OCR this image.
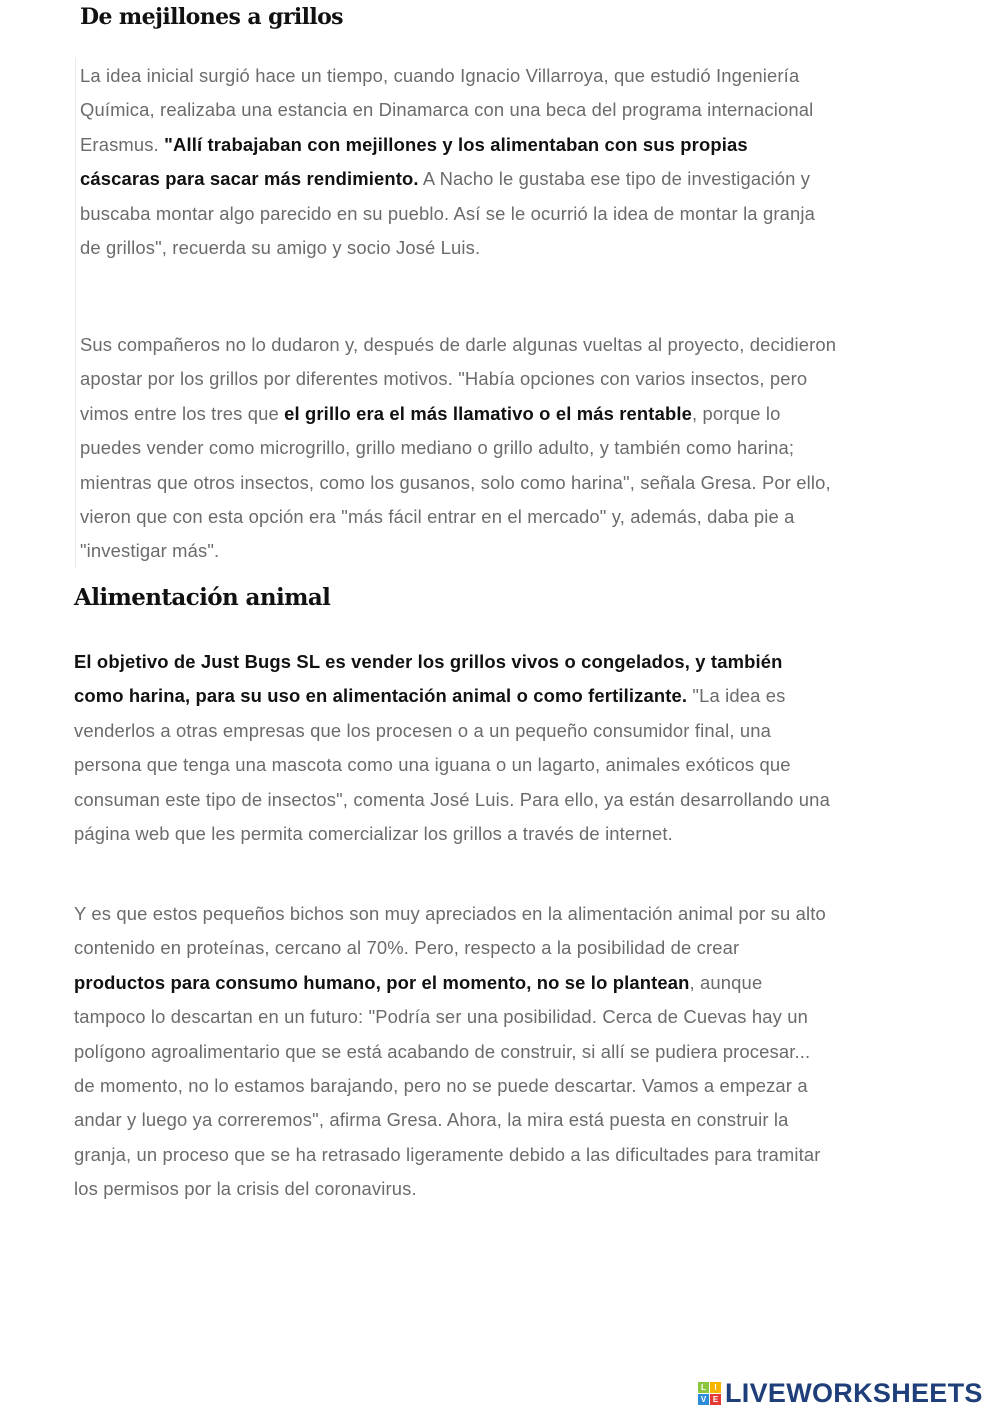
De mejillones a grillos
La idea inicial surgió hace un tiempo, cuando Ignacio Villarroya, que estudió Ingeniería
Química, realizaba una estancia en Dinamarca con una beca del programa internacional
Erasmus. "Allí trabajaban con mejillones y los alimentaban con sus propias
cáscaras para sacar más rendimiento. A Nacho le gustaba ese tipo de investigación y
buscaba montar algo parecido en su pueblo. Así se le ocurrió la idea de montar la granja
de grillos", recuerda su amigo y socio José Luis.
Sus compañeros no lo dudaron y, después de darle algunas vueltas al proyecto, decidieron
apostar por los grillos por diferentes motivos. "Había opciones con varios insectos, pero
vimos entre los tres que el grillo era el más llamativo o el más rentable, porque lo
puedes vender como microgrillo, grillo mediano o grillo adulto, y también como harina;
mientras que otros insectos, como los gusanos, solo como harina", señala Gresa. Por ello,
vieron que con esta opción era "más fácil entrar en el mercado" y, además, daba pie a
"investigar más".
Alimentación animal
El objetivo de Just Bugs SL es vender los grillos vivos o congelados, y también
como harina, para su uso en alimentación animal o como fertilizante. "La idea es
venderlos a otras empresas que los procesen o a un pequeño consumidor final, una
persona que tenga una mascota como una iguana o un lagarto, animales exóticos que
consuman este tipo de insectos", comenta José Luis. Para ello, ya están desarrollando una
página web que les permita comercializar los grillos a través de internet.
Y es que estos pequeños bichos son muy apreciados en la alimentación animal por su alto
contenido en proteínas, cercano al 70%. Pero, respecto a la posibilidad de crear
productos para consumo humano, por el momento, no se lo plantean, aunque
tampoco lo descartan en un futuro: "Podría ser una posibilidad. Cerca de Cuevas hay un
polígono agroalimentario que se está acabando de construir, si allí se pudiera procesar...
de momento, no lo estamos barajando, pero no se puede descartar. Vamos a empezar a
andar y luego ya correremos", afirma Gresa. Ahora, la mira está puesta en construir la
granja, un proceso que se ha retrasado ligeramente debido a las dificultades para tramitar
los permisos por la crisis del coronavirus.
L	I
V E LIVEWORKSHEETS
